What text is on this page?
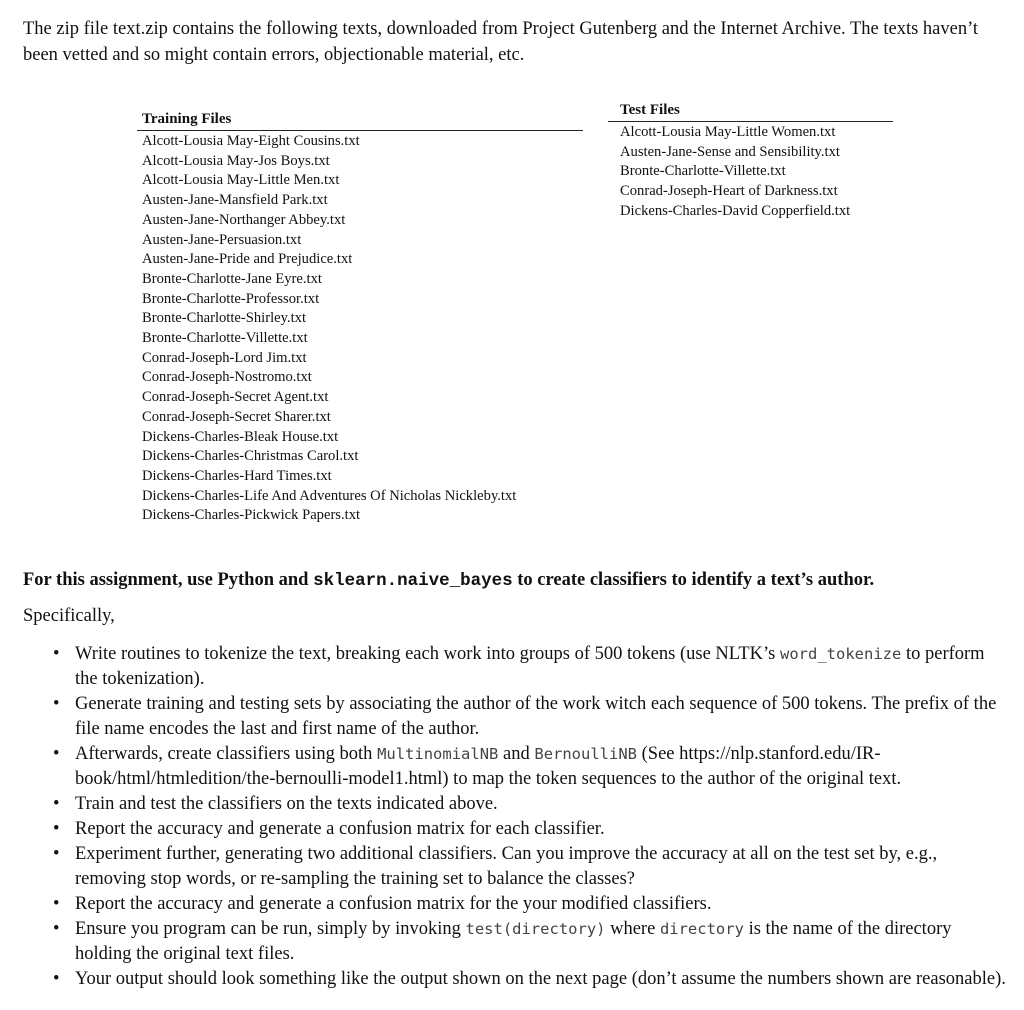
The zip file text.zip contains the following texts, downloaded from Project Gutenberg and the Internet Archive. The texts haven’t been vetted and so might contain errors, objectionable material, etc.

Training Files
Alcott-Lousia May-Eight Cousins.txt
Alcott-Lousia May-Jos Boys.txt
Alcott-Lousia May-Little Men.txt
Austen-Jane-Mansfield Park.txt
Austen-Jane-Northanger Abbey.txt
Austen-Jane-Persuasion.txt
Austen-Jane-Pride and Prejudice.txt
Bronte-Charlotte-Jane Eyre.txt
Bronte-Charlotte-Professor.txt
Bronte-Charlotte-Shirley.txt
Bronte-Charlotte-Villette.txt
Conrad-Joseph-Lord Jim.txt
Conrad-Joseph-Nostromo.txt
Conrad-Joseph-Secret Agent.txt
Conrad-Joseph-Secret Sharer.txt
Dickens-Charles-Bleak House.txt
Dickens-Charles-Christmas Carol.txt
Dickens-Charles-Hard Times.txt
Dickens-Charles-Life And Adventures Of Nicholas Nickleby.txt
Dickens-Charles-Pickwick Papers.txt
Test Files
Alcott-Lousia May-Little Women.txt
Austen-Jane-Sense and Sensibility.txt
Bronte-Charlotte-Villette.txt
Conrad-Joseph-Heart of Darkness.txt
Dickens-Charles-David Copperfield.txt

For this assignment, use Python and sklearn.naive_bayes to create classifiers to identify a text’s author.

Specifically,

• Write routines to tokenize the text, breaking each work into groups of 500 tokens (use NLTK’s word_tokenize to perform the tokenization).
• Generate training and testing sets by associating the author of the work witch each sequence of 500 tokens. The prefix of the file name encodes the last and first name of the author.
• Afterwards, create classifiers using both MultinomialNB and BernoulliNB (See https://nlp.stanford.edu/IR-book/html/htmledition/the-bernoulli-model1.html) to map the token sequences to the author of the original text.
• Train and test the classifiers on the texts indicated above.
• Report the accuracy and generate a confusion matrix for each classifier.
• Experiment further, generating two additional classifiers. Can you improve the accuracy at all on the test set by, e.g., removing stop words, or re-sampling the training set to balance the classes?
• Report the accuracy and generate a confusion matrix for the your modified classifiers.
• Ensure you program can be run, simply by invoking test(directory) where directory is the name of the directory holding the original text files.
• Your output should look something like the output shown on the next page (don’t assume the numbers shown are reasonable).
